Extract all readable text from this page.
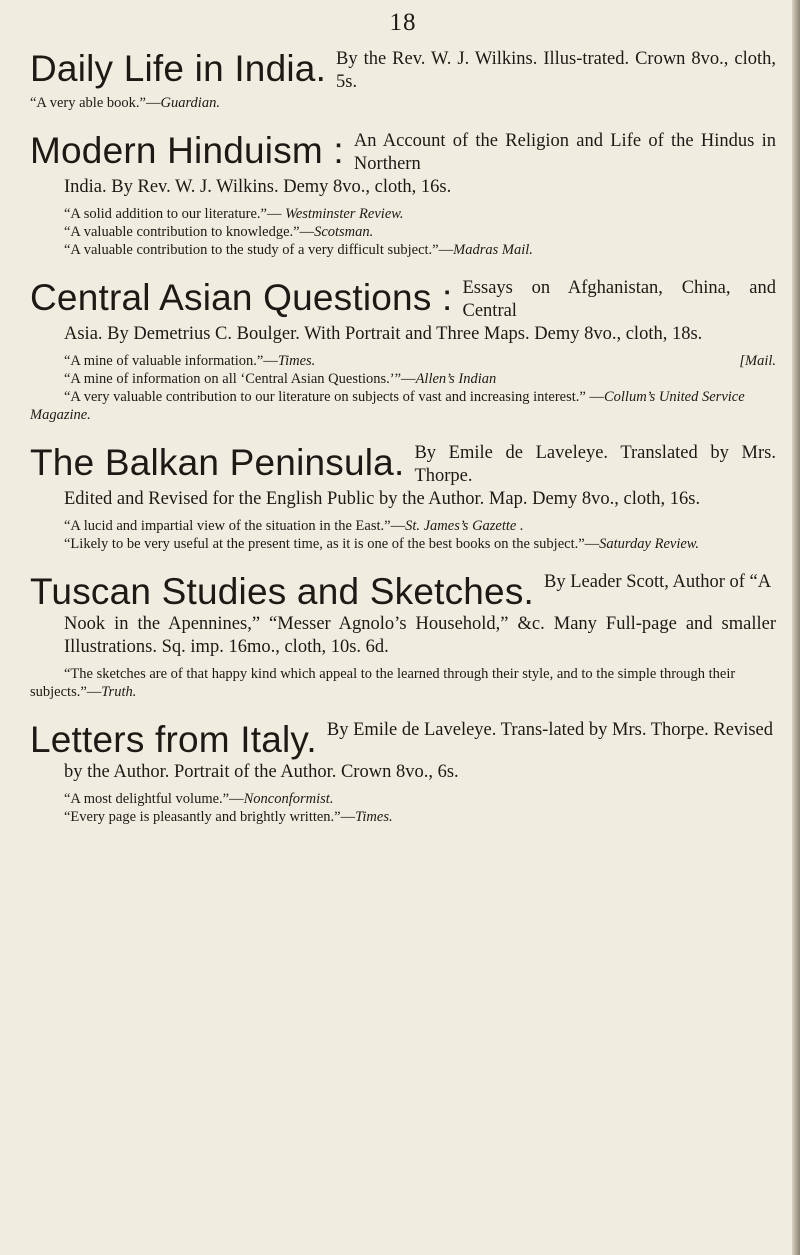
18
Daily Life in India. By the Rev. W. J. Wilkins. Illus-trated. Crown 8vo., cloth, 5s.

“A very able book.”—Guardian.

Modern Hinduism : An Account of the Religion and Life of the Hindus in Northern
India. By Rev. W. J. Wilkins. Demy 8vo., cloth, 16s.

“A solid addition to our literature.”— Westminster Review.

“A valuable contribution to knowledge.”—Scotsman.

“A valuable contribution to the study of a very difficult subject.”—Madras Mail.

Central Asian Questions : Essays on Afghanistan, China, and Central
Asia. By Demetrius C. Boulger. With Portrait and Three Maps. Demy 8vo., cloth, 18s.

[Mail.
“A mine of valuable information.”—Times.

“A mine of information on all ‘Central Asian Questions.’”—Allen’s Indian

“A very valuable contribution to our literature on subjects of vast and increasing interest.” —Collum’s United Service Magazine.

The Balkan Peninsula. By Emile de Laveleye. Translated by Mrs. Thorpe.
Edited and Revised for the English Public by the Author. Map. Demy 8vo., cloth, 16s.

“A lucid and impartial view of the situation in the East.”—St. James’s Gazette .

“Likely to be very useful at the present time, as it is one of the best books on the subject.”—Saturday Review.

Tuscan Studies and Sketches. By Leader Scott, Author of “A
Nook in the Apennines,” “Messer Agnolo’s Household,” &c. Many Full-page and smaller Illustrations. Sq. imp. 16mo., cloth, 10s. 6d.

“The sketches are of that happy kind which appeal to the learned through their style, and to the simple through their subjects.”—Truth.

Letters from Italy. By Emile de Laveleye. Trans-lated by Mrs. Thorpe. Revised
by the Author. Portrait of the Author. Crown 8vo., 6s.

“A most delightful volume.”—Nonconformist.

“Every page is pleasantly and brightly written.”—Times.
